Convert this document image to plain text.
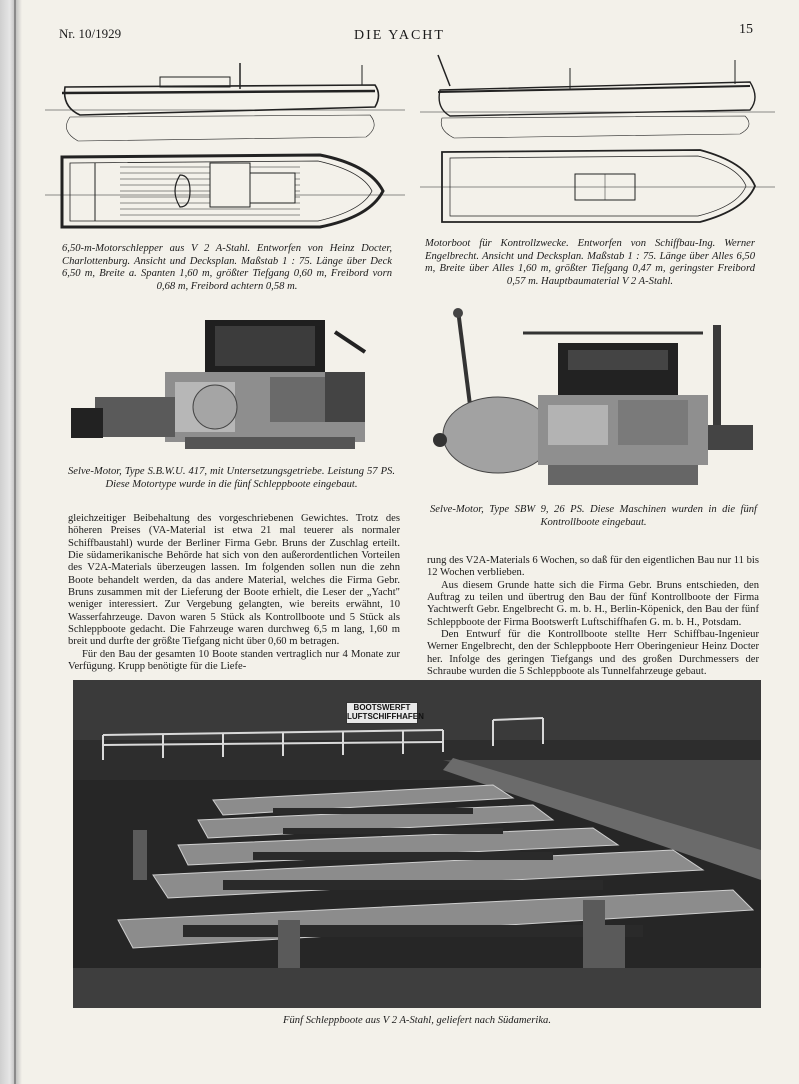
Nr. 10/1929	DIE YACHT	15
6,50-m-Motorschlepper aus V 2 A-Stahl. Entworfen von Heinz Docter, Charlottenburg. Ansicht und Decksplan. Maßstab 1 : 75. Länge über Deck 6,50 m, Breite a. Spanten 1,60 m, größter Tiefgang 0,60 m, Freibord vorn 0,68 m, Freibord achtern 0,58 m.
Motorboot für Kontrollzwecke. Entworfen von Schiffbau-Ing. Werner Engelbrecht. Ansicht und Decksplan. Maßstab 1 : 75. Länge über Alles 6,50 m, Breite über Alles 1,60 m, größter Tiefgang 0,47 m, geringster Freibord 0,57 m. Hauptbaumaterial V 2 A-Stahl.
Selve-Motor, Type S.B.W.U. 417, mit Untersetzungsgetriebe. Leistung 57 PS. Diese Motortype wurde in die fünf Schleppboote eingebaut.
Selve-Motor, Type SBW 9, 26 PS. Diese Maschinen wurden in die fünf Kontrollboote eingebaut.

gleichzeitiger Beibehaltung des vorgeschriebenen Gewichtes. Trotz des höheren Preises (VA-Material ist etwa 21 mal teuerer als normaler Schiffbaustahl) wurde der Berliner Firma Gebr. Bruns der Zuschlag erteilt. Die südamerikanische Behörde hat sich von den außerordentlichen Vorteilen des V2A-Materials überzeugen lassen. Im folgenden sollen nun die zehn Boote behandelt werden, da das andere Material, welches die Firma Gebr. Bruns zusammen mit der Lieferung der Boote erhielt, die Leser der „Yacht" weniger interessiert. Zur Vergebung gelangten, wie bereits erwähnt, 10 Wasserfahrzeuge. Davon waren 5 Stück als Kontrollboote und 5 Stück als Schleppboote gedacht. Die Fahrzeuge waren durchweg 6,5 m lang, 1,60 m breit und durfte der größte Tiefgang nicht über 0,60 m betragen.

Für den Bau der gesamten 10 Boote standen vertraglich nur 4 Monate zur Verfügung. Krupp benötigte für die Liefe-

rung des V2A-Materials 6 Wochen, so daß für den eigentlichen Bau nur 11 bis 12 Wochen verblieben.

Aus diesem Grunde hatte sich die Firma Gebr. Bruns entschieden, den Auftrag zu teilen und übertrug den Bau der fünf Kontrollboote der Firma Yachtwerft Gebr. Engelbrecht G. m. b. H., Berlin-Köpenick, den Bau der fünf Schleppboote der Firma Bootswerft Luftschiffhafen G. m. b. H., Potsdam.

Den Entwurf für die Kontrollboote stellte Herr Schiffbau-Ingenieur Werner Engelbrecht, den der Schleppboote Herr Oberingenieur Heinz Docter her. Infolge des geringen Tiefgangs und des großen Durchmessers der Schraube wurden die 5 Schleppboote als Tunnelfahrzeuge gebaut.

BOOTSWERFT
LUFTSCHIFFHAFEN
Fünf Schleppboote aus V 2 A-Stahl, geliefert nach Südamerika.
